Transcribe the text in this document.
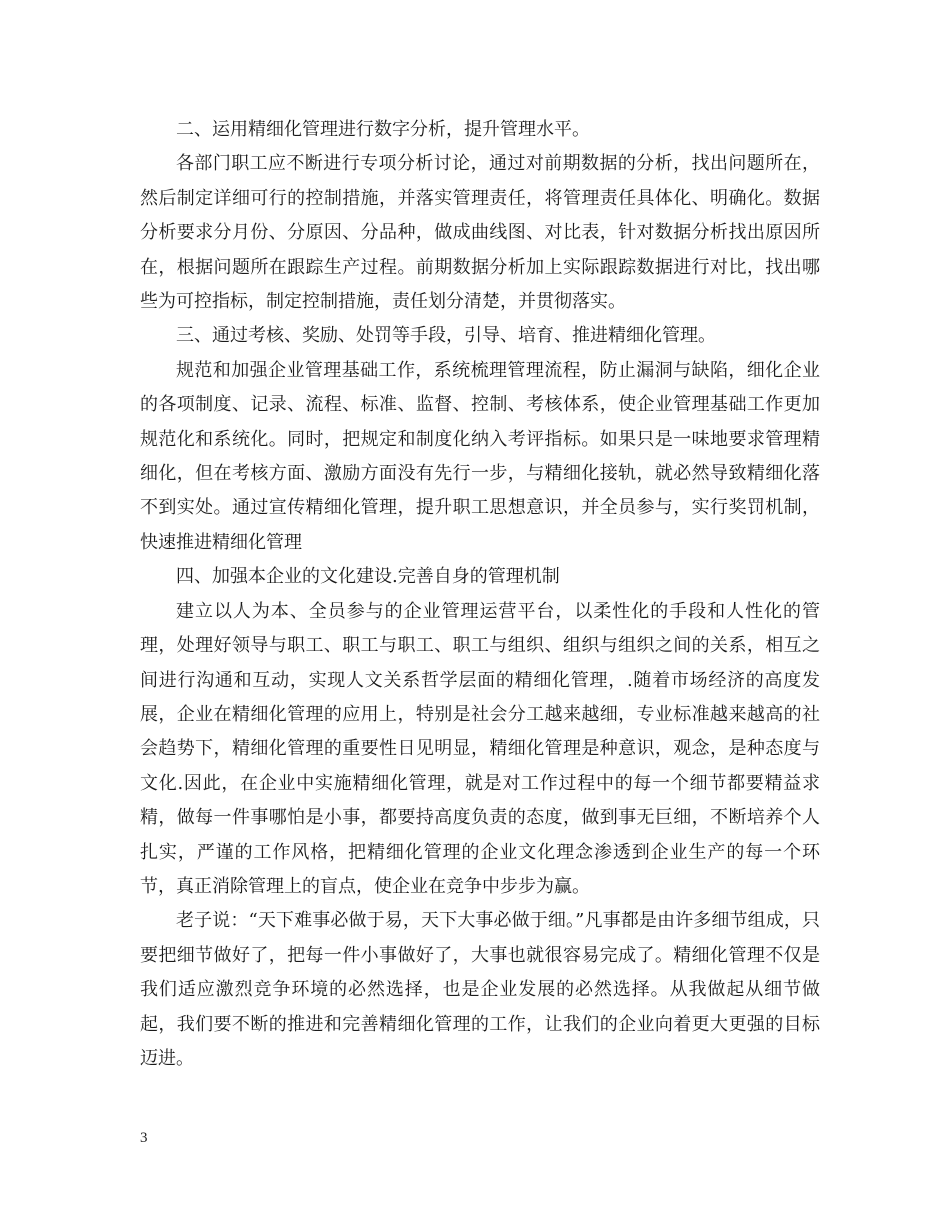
二、运用精细化管理进行数字分析，提升管理水平。

各部门职工应不断进行专项分析讨论，通过对前期数据的分析，找出问题所在，然后制定详细可行的控制措施，并落实管理责任，将管理责任具体化、明确化。数据分析要求分月份、分原因、分品种，做成曲线图、对比表，针对数据分析找出原因所在，根据问题所在跟踪生产过程。前期数据分析加上实际跟踪数据进行对比，找出哪些为可控指标，制定控制措施，责任划分清楚，并贯彻落实。

三、通过考核、奖励、处罚等手段，引导、培育、推进精细化管理。

规范和加强企业管理基础工作，系统梳理管理流程，防止漏洞与缺陷，细化企业的各项制度、记录、流程、标准、监督、控制、考核体系，使企业管理基础工作更加规范化和系统化。同时，把规定和制度化纳入考评指标。如果只是一味地要求管理精细化，但在考核方面、激励方面没有先行一步，与精细化接轨，就必然导致精细化落不到实处。通过宣传精细化管理，提升职工思想意识，并全员参与，实行奖罚机制，快速推进精细化管理

四、加强本企业的文化建设.完善自身的管理机制

建立以人为本、全员参与的企业管理运营平台，以柔性化的手段和人性化的管理，处理好领导与职工、职工与职工、职工与组织、组织与组织之间的关系，相互之间进行沟通和互动，实现人文关系哲学层面的精细化管理，.随着市场经济的高度发展，企业在精细化管理的应用上，特别是社会分工越来越细，专业标准越来越高的社会趋势下，精细化管理的重要性日见明显，精细化管理是种意识，观念，是种态度与文化.因此，在企业中实施精细化管理，就是对工作过程中的每一个细节都要精益求精，做每一件事哪怕是小事，都要持高度负责的态度，做到事无巨细，不断培养个人扎实，严谨的工作风格，把精细化管理的企业文化理念渗透到企业生产的每一个环节，真正消除管理上的盲点，使企业在竞争中步步为赢。

老子说：“天下难事必做于易，天下大事必做于细。”凡事都是由许多细节组成，只要把细节做好了，把每一件小事做好了，大事也就很容易完成了。精细化管理不仅是我们适应激烈竞争环境的必然选择，也是企业发展的必然选择。从我做起从细节做起，我们要不断的推进和完善精细化管理的工作，让我们的企业向着更大更强的目标迈进。

3
